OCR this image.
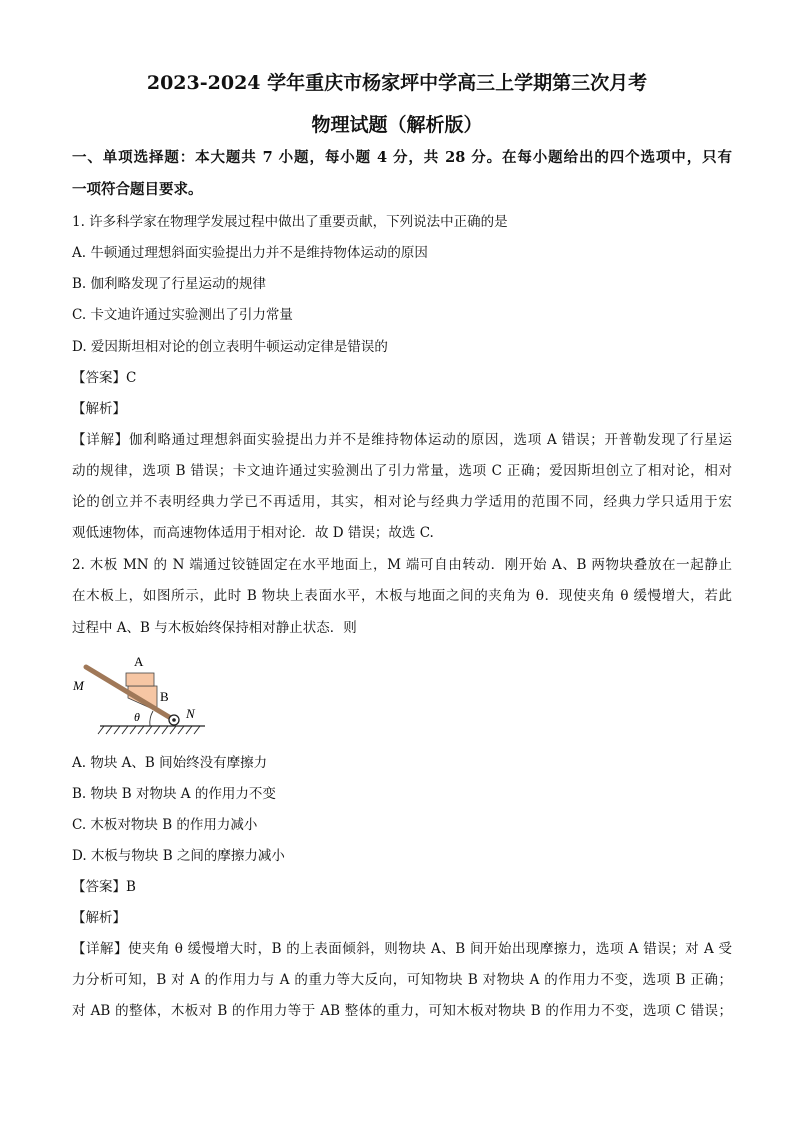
2023-2024 学年重庆市杨家坪中学高三上学期第三次月考
物理试题（解析版）
一、单项选择题：本大题共 7 小题，每小题 4 分，共 28 分。在每小题给出的四个选项中，只有
一项符合题目要求。
1. 许多科学家在物理学发展过程中做出了重要贡献，下列说法中正确的是
A. 牛顿通过理想斜面实验提出力并不是维持物体运动的原因
B. 伽利略发现了行星运动的规律
C. 卡文迪许通过实验测出了引力常量
D. 爱因斯坦相对论的创立表明牛顿运动定律是错误的
【答案】C
【解析】
【详解】伽利略通过理想斜面实验提出力并不是维持物体运动的原因，选项 A 错误；开普勒发现了行星运
动的规律，选项 B 错误；卡文迪许通过实验测出了引力常量，选项 C 正确；爱因斯坦创立了相对论，相对
论的创立并不表明经典力学已不再适用，其实，相对论与经典力学适用的范围不同，经典力学只适用于宏
观低速物体，而高速物体适用于相对论．故 D 错误；故选 C.
2. 木板 MN 的 N 端通过铰链固定在水平地面上，M 端可自由转动．刚开始 A、B 两物块叠放在一起静止
在木板上，如图所示，此时 B 物块上表面水平，木板与地面之间的夹角为 θ．现使夹角 θ 缓慢增大，若此
过程中 A、B 与木板始终保持相对静止状态．则
A
B
M
N
θ
A. 物块 A、B 间始终没有摩擦力
B. 物块 B 对物块 A 的作用力不变
C. 木板对物块 B 的作用力减小
D. 木板与物块 B 之间的摩擦力减小
【答案】B
【解析】
【详解】使夹角 θ 缓慢增大时，B 的上表面倾斜，则物块 A、B 间开始出现摩擦力，选项 A 错误；对 A 受
力分析可知，B 对 A 的作用力与 A 的重力等大反向，可知物块 B 对物块 A 的作用力不变，选项 B 正确；
对 AB 的整体，木板对 B 的作用力等于 AB 整体的重力，可知木板对物块 B 的作用力不变，选项 C 错误；
